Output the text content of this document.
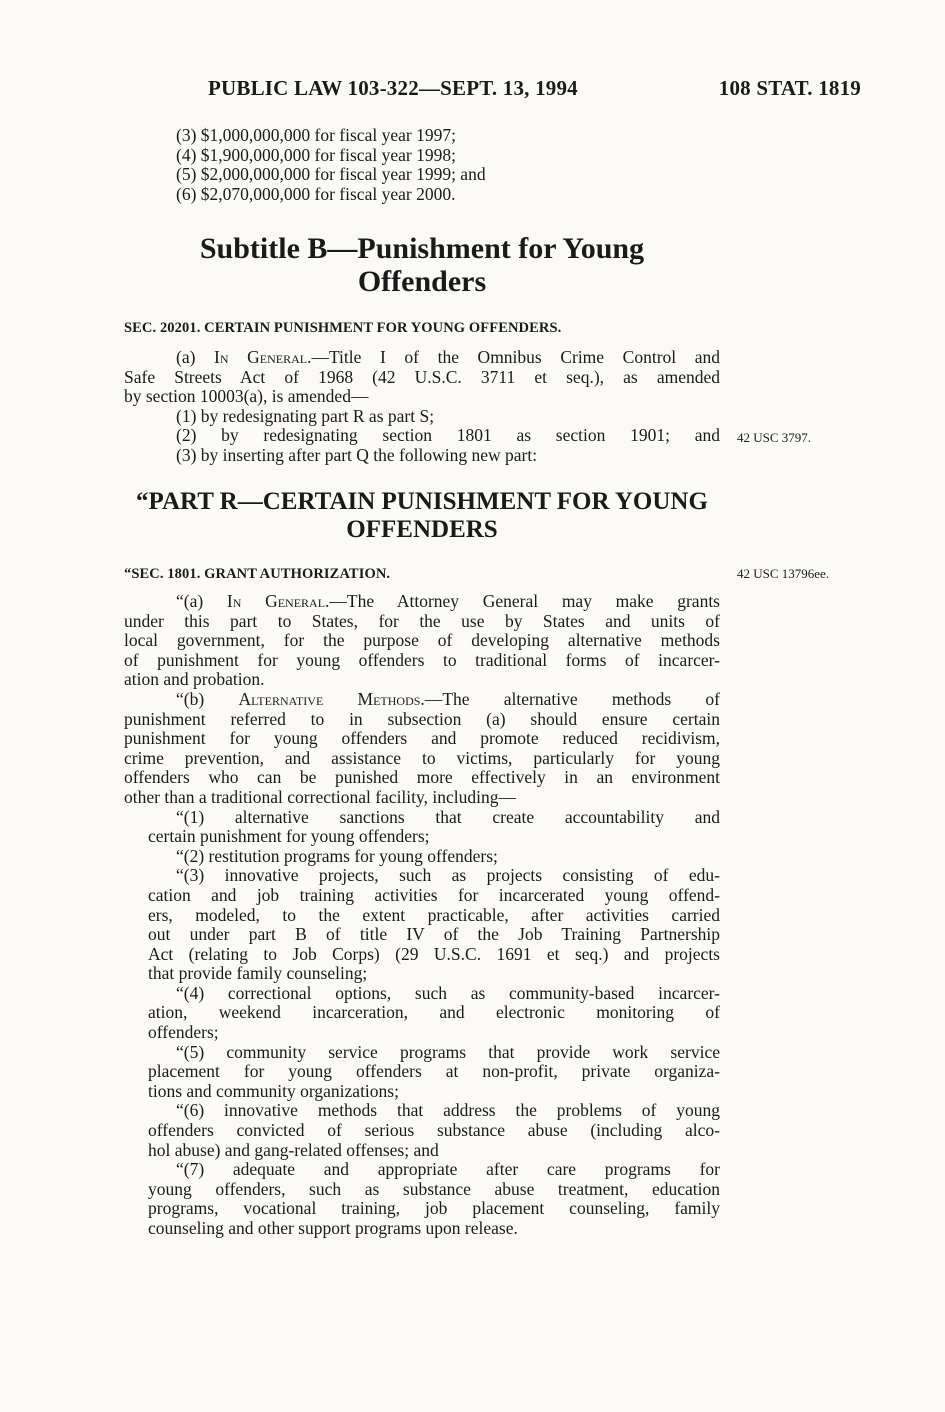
PUBLIC LAW 103-322—SEPT. 13, 1994	108 STAT. 1819
(3) $1,000,000,000 for fiscal year 1997;
(4) $1,900,000,000 for fiscal year 1998;
(5) $2,000,000,000 for fiscal year 1999; and
(6) $2,070,000,000 for fiscal year 2000.
Subtitle B—Punishment for Young
Offenders
SEC. 20201. CERTAIN PUNISHMENT FOR YOUNG OFFENDERS.
(a) In General.—Title I of the Omnibus Crime Control and
Safe Streets Act of 1968 (42 U.S.C. 3711 et seq.), as amended
by section 10003(a), is amended—
(1) by redesignating part R as part S;
(2) by redesignating section 1801 as section 1901; and
(3) by inserting after part Q the following new part:
42 USC 3797.
“PART R—CERTAIN PUNISHMENT FOR YOUNG
OFFENDERS
“SEC. 1801. GRANT AUTHORIZATION.	42 USC 13796ee.
“(a) In General.—The Attorney General may make grants
under this part to States, for the use by States and units of
local government, for the purpose of developing alternative methods
of punishment for young offenders to traditional forms of incarcer-
ation and probation.
“(b) Alternative Methods.—The alternative methods of
punishment referred to in subsection (a) should ensure certain
punishment for young offenders and promote reduced recidivism,
crime prevention, and assistance to victims, particularly for young
offenders who can be punished more effectively in an environment
other than a traditional correctional facility, including—
“(1) alternative sanctions that create accountability and
certain punishment for young offenders;
“(2) restitution programs for young offenders;
“(3) innovative projects, such as projects consisting of edu-
cation and job training activities for incarcerated young offend-
ers, modeled, to the extent practicable, after activities carried
out under part B of title IV of the Job Training Partnership
Act (relating to Job Corps) (29 U.S.C. 1691 et seq.) and projects
that provide family counseling;
“(4) correctional options, such as community-based incarcer-
ation, weekend incarceration, and electronic monitoring of
offenders;
“(5) community service programs that provide work service
placement for young offenders at non-profit, private organiza-
tions and community organizations;
“(6) innovative methods that address the problems of young
offenders convicted of serious substance abuse (including alco-
hol abuse) and gang-related offenses; and
“(7) adequate and appropriate after care programs for
young offenders, such as substance abuse treatment, education
programs, vocational training, job placement counseling, family
counseling and other support programs upon release.
